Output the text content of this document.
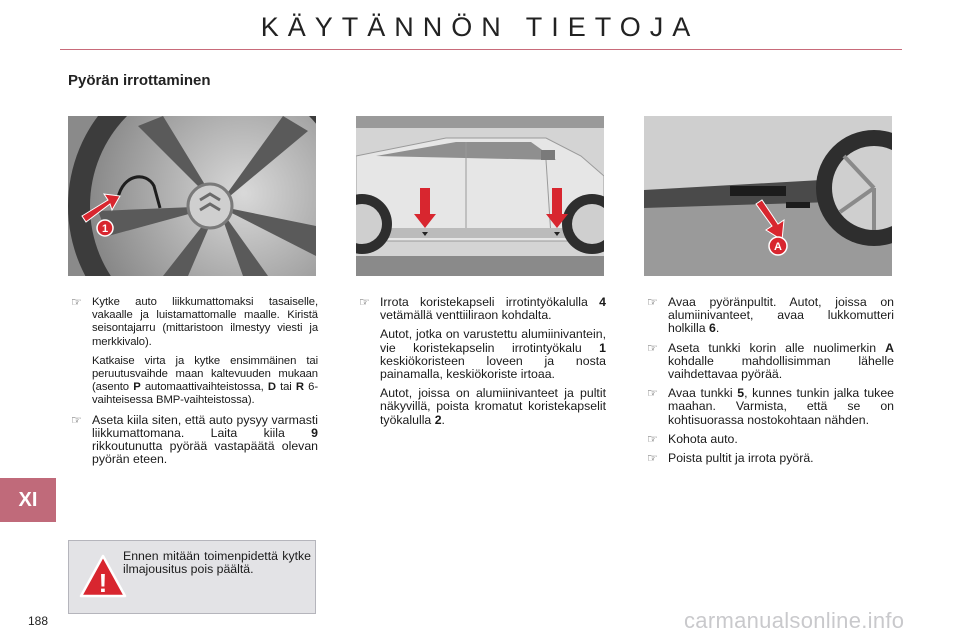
KÄYTÄNNÖN TIETOJA
Pyörän irrottaminen
1
A
☞ Kytke auto liikkumattomaksi tasaiselle, vakaalle ja luistamattomalle maalle. Kiristä seisontajarru (mittaristoon ilmestyy viesti ja merkkivalo).

Katkaise virta ja kytke ensimmäinen tai peruutusvaihde maan kaltevuuden mukaan (asento P automaattivaihteistossa, D tai R 6-vaihteisessa BMP-vaihteistossa).

☞ Aseta kiila siten, että auto pysyy varmasti liikkumattomana. Laita kiila 9 rikkoutunutta pyörää vastapäätä olevan pyörän eteen.

☞ Irrota koristekapseli irrotintyökalulla 4 vetämällä venttiiliraon kohdalta.

Autot, jotka on varustettu alumiinivantein, vie koristekapselin irrotintyökalu 1 keskiökoristeen loveen ja nosta painamalla, keskiökoriste irtoaa.

Autot, joissa on alumiinivanteet ja pultit näkyvillä, poista kromatut koristekapselit työkalulla 2.

☞ Avaa pyöränpultit. Autot, joissa on alumiinivanteet, avaa lukkomutteri holkilla 6.

☞ Aseta tunkki korin alle nuolimerkin A kohdalle mahdollisimman lähelle vaihdettavaa pyörää.

☞ Avaa tunkki 5, kunnes tunkin jalka tukee maahan. Varmista, että se on kohtisuorassa nostokohtaan nähden.

☞ Kohota auto.

☞ Poista pultit ja irrota pyörä.

XI
!
Ennen mitään toimenpidettä kytke ilmajousitus pois päältä.
188	carmanualsonline.info
